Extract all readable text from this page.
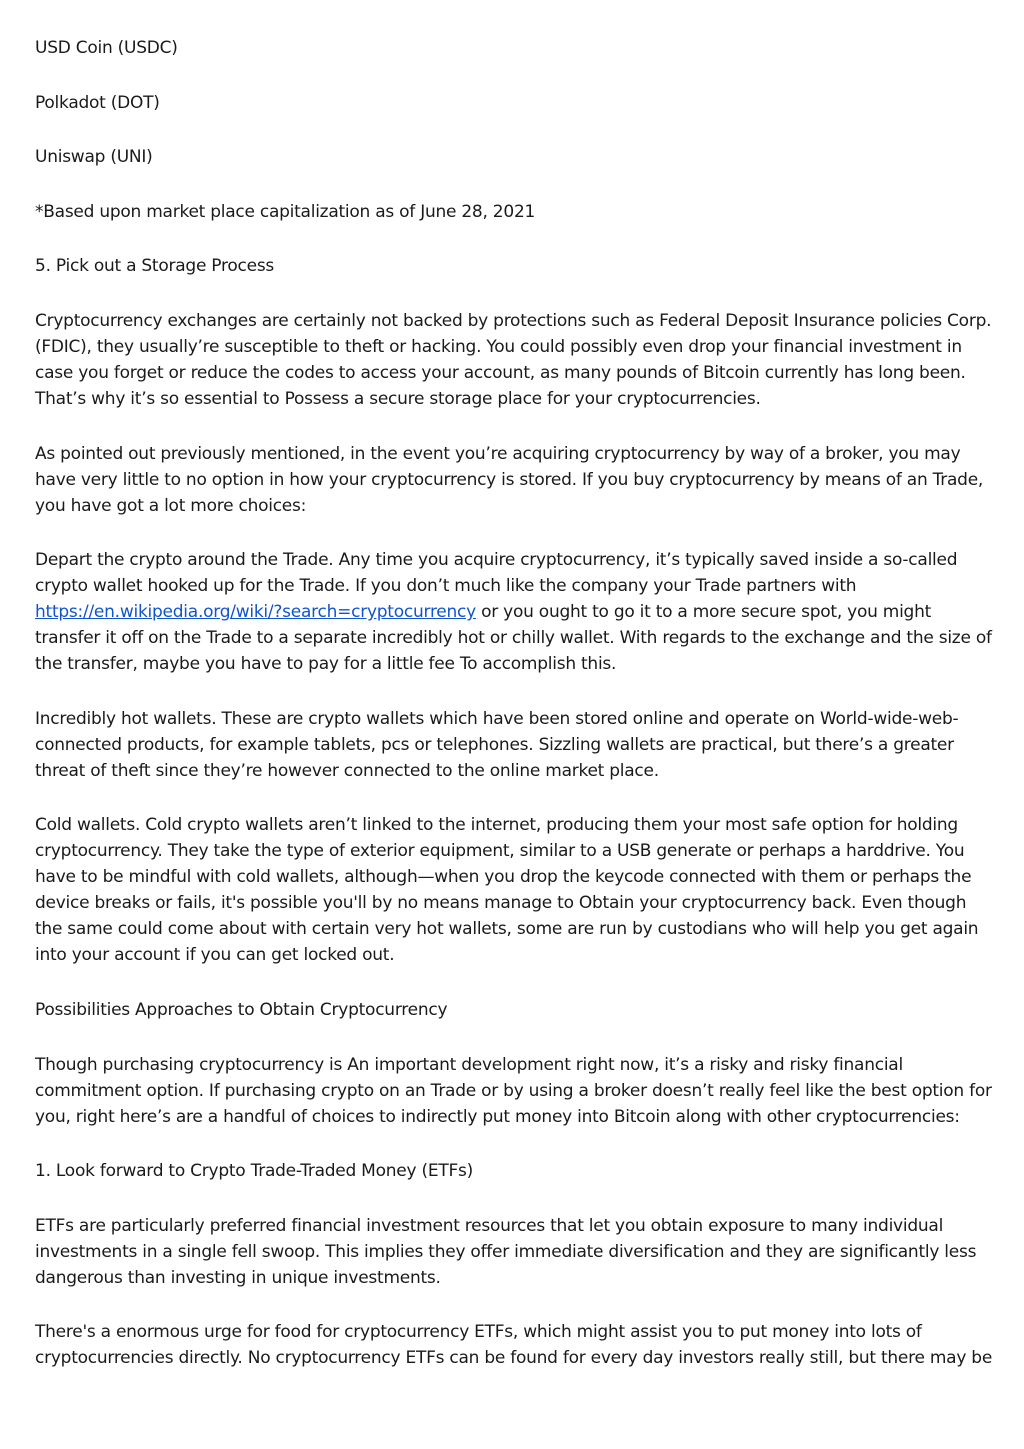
USD Coin (USDC)

Polkadot (DOT)

Uniswap (UNI)

*Based upon market place capitalization as of June 28, 2021

5. Pick out a Storage Process

Cryptocurrency exchanges are certainly not backed by protections such as Federal Deposit Insurance policies Corp. (FDIC), they usually’re susceptible to theft or hacking. You could possibly even drop your financial investment in case you forget or reduce the codes to access your account, as many pounds of Bitcoin currently has long been. That’s why it’s so essential to Possess a secure storage place for your cryptocurrencies.

As pointed out previously mentioned, in the event you’re acquiring cryptocurrency by way of a broker, you may have very little to no option in how your cryptocurrency is stored. If you buy cryptocurrency by means of an Trade, you have got a lot more choices:

Depart the crypto around the Trade. Any time you acquire cryptocurrency, it’s typically saved inside a so-called crypto wallet hooked up for the Trade. If you don’t much like the company your Trade partners with https://en.wikipedia.org/wiki/?search=cryptocurrency or you ought to go it to a more secure spot, you might transfer it off on the Trade to a separate incredibly hot or chilly wallet. With regards to the exchange and the size of the transfer, maybe you have to pay for a little fee To accomplish this.

Incredibly hot wallets. These are crypto wallets which have been stored online and operate on World-wide-web-connected products, for example tablets, pcs or telephones. Sizzling wallets are practical, but there’s a greater threat of theft since they’re however connected to the online market place.

Cold wallets. Cold crypto wallets aren’t linked to the internet, producing them your most safe option for holding cryptocurrency. They take the type of exterior equipment, similar to a USB generate or perhaps a harddrive. You have to be mindful with cold wallets, although—when you drop the keycode connected with them or perhaps the device breaks or fails, it's possible you'll by no means manage to Obtain your cryptocurrency back. Even though the same could come about with certain very hot wallets, some are run by custodians who will help you get again into your account if you can get locked out.

Possibilities Approaches to Obtain Cryptocurrency

Though purchasing cryptocurrency is An important development right now, it’s a risky and risky financial commitment option. If purchasing crypto on an Trade or by using a broker doesn’t really feel like the best option for you, right here’s are a handful of choices to indirectly put money into Bitcoin along with other cryptocurrencies:

1. Look forward to Crypto Trade-Traded Money (ETFs)

ETFs are particularly preferred financial investment resources that let you obtain exposure to many individual investments in a single fell swoop. This implies they offer immediate diversification and they are significantly less dangerous than investing in unique investments.

There's a enormous urge for food for cryptocurrency ETFs, which might assist you to put money into lots of cryptocurrencies directly. No cryptocurrency ETFs can be found for every day investors really still, but there may be
